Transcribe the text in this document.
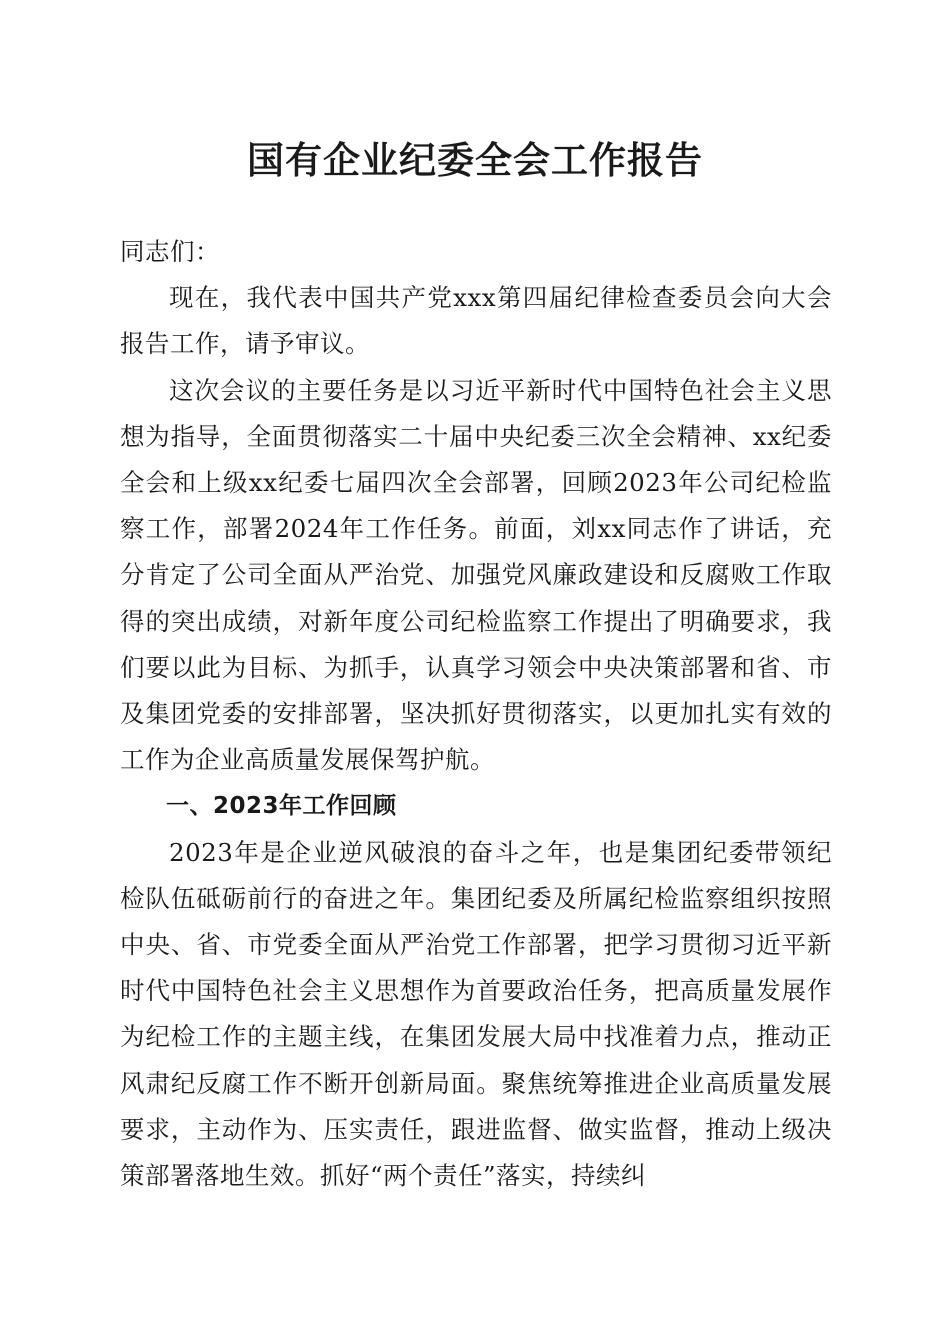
国有企业纪委全会工作报告

同志们：

现在，我代表中国共产党xxx第四届纪律检查委员会向大会报告工作，请予审议。

这次会议的主要任务是以习近平新时代中国特色社会主义思想为指导，全面贯彻落实二十届中央纪委三次全会精神、xx纪委全会和上级xx纪委七届四次全会部署，回顾2023年公司纪检监察工作，部署2024年工作任务。前面，刘xx同志作了讲话，充分肯定了公司全面从严治党、加强党风廉政建设和反腐败工作取得的突出成绩，对新年度公司纪检监察工作提出了明确要求，我们要以此为目标、为抓手，认真学习领会中央决策部署和省、市及集团党委的安排部署，坚决抓好贯彻落实，以更加扎实有效的工作为企业高质量发展保驾护航。

一、2023年工作回顾

2023年是企业逆风破浪的奋斗之年，也是集团纪委带领纪检队伍砥砺前行的奋进之年。集团纪委及所属纪检监察组织按照中央、省、市党委全面从严治党工作部署，把学习贯彻习近平新时代中国特色社会主义思想作为首要政治任务，把高质量发展作为纪检工作的主题主线，在集团发展大局中找准着力点，推动正风肃纪反腐工作不断开创新局面。聚焦统筹推进企业高质量发展要求，主动作为、压实责任，跟进监督、做实监督，推动上级决策部署落地生效。抓好“两个责任”落实，持续纠
